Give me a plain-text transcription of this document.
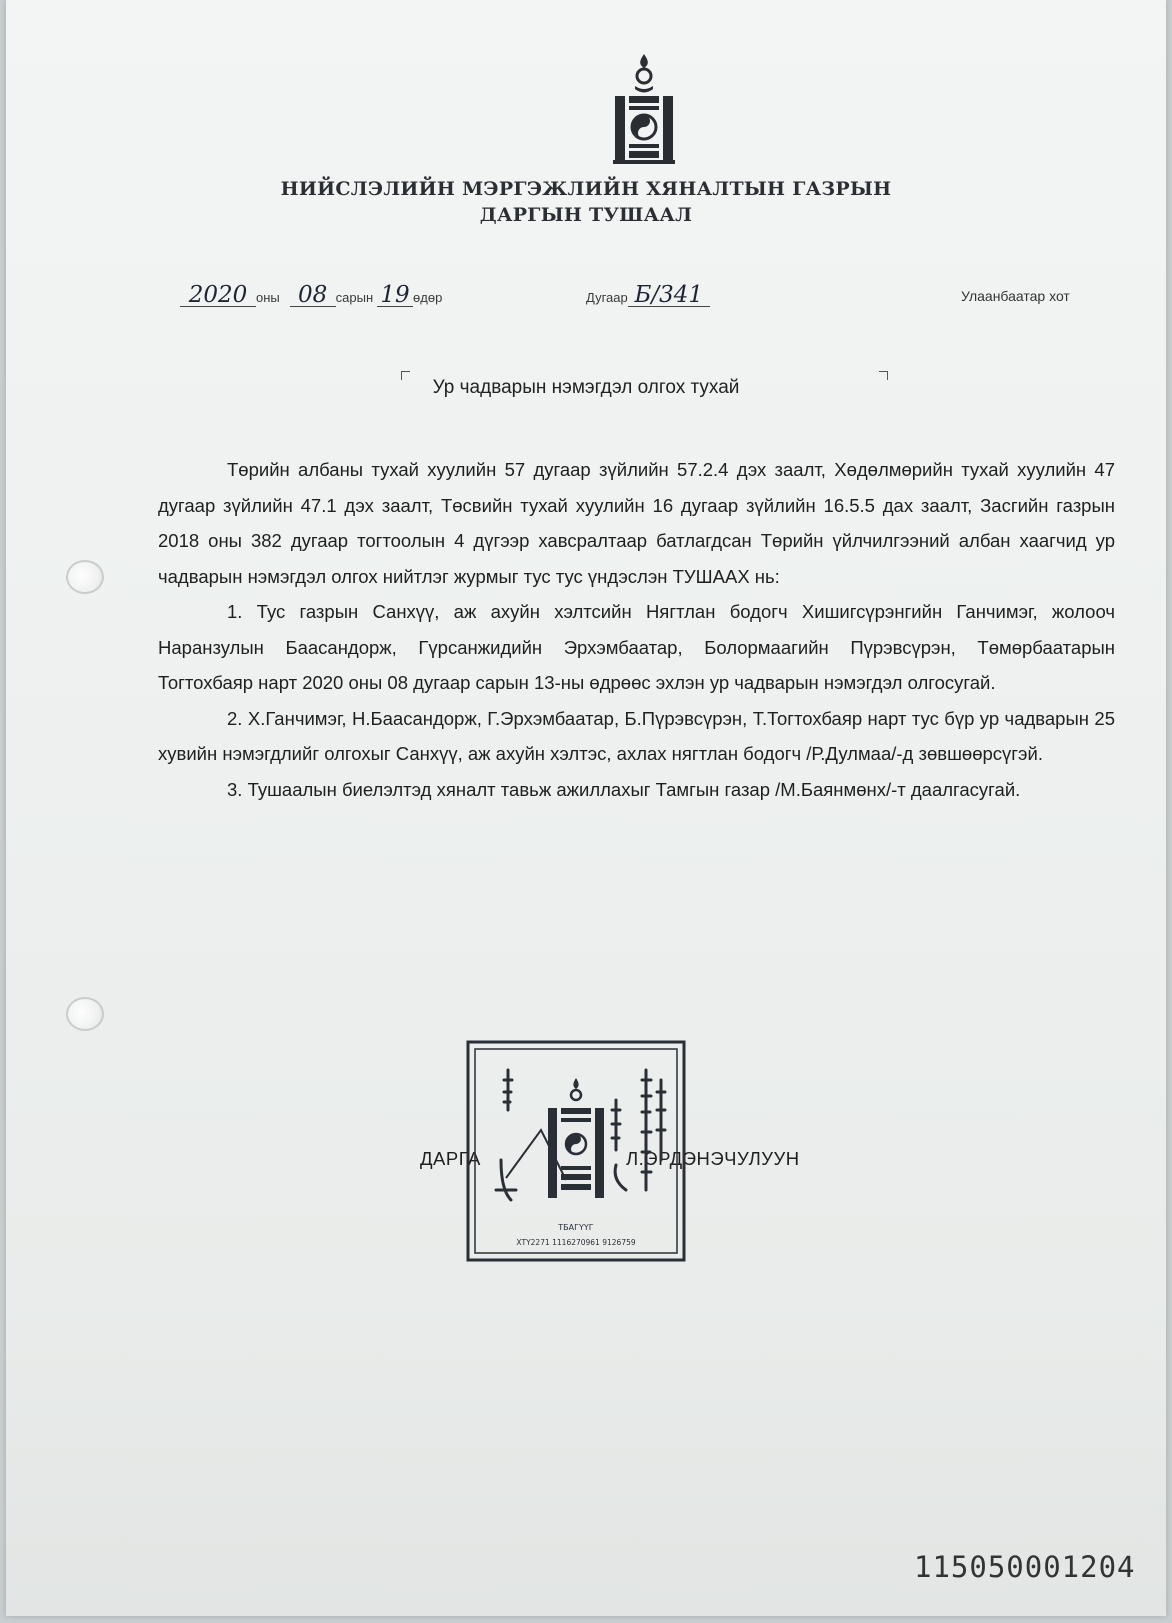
НИЙСЛЭЛИЙН МЭРГЭЖЛИЙН ХЯНАЛТЫН ГАЗРЫН
ДАРГЫН ТУШААЛ
2020 оны 08 сарын 19 өдөр	Дугаар Б/341	Улаанбаатар хот
Ур чадварын нэмэгдэл олгох тухай

Төрийн албаны тухай хуулийн 57 дугаар зүйлийн 57.2.4 дэх заалт, Хөдөлмөрийн тухай хуулийн 47 дугаар зүйлийн 47.1 дэх заалт, Төсвийн тухай хуулийн 16 дугаар зүйлийн 16.5.5 дах заалт, Засгийн газрын 2018 оны 382 дугаар тогтоолын 4 дүгээр хавсралтаар батлагдсан Төрийн үйлчилгээний албан хаагчид ур чадварын нэмэгдэл олгох нийтлэг журмыг тус тус үндэслэн ТУШААХ нь:

1. Тус газрын Санхүү, аж ахуйн хэлтсийн Нягтлан бодогч Хишигсүрэнгийн Ганчимэг, жолооч Наранзулын Баасандорж, Гүрсанжидийн Эрхэмбаатар, Болормаагийн Пүрэвсүрэн, Төмөрбаатарын Тогтохбаяр нарт 2020 оны 08 дугаар сарын 13-ны өдрөөс эхлэн ур чадварын нэмэгдэл олгосугай.

2. Х.Ганчимэг, Н.Баасандорж, Г.Эрхэмбаатар, Б.Пүрэвсүрэн, Т.Тогтохбаяр нарт тус бүр ур чадварын 25 хувийн нэмэгдлийг олгохыг Санхүү, аж ахуйн хэлтэс, ахлах нягтлан бодогч /Р.Дулмаа/-д зөвшөөрсүгэй.

3. Тушаалын биелэлтэд хяналт тавьж ажиллахыг Тамгын газар /М.Баянмөнх/-т даалгасугай.

ДАРГА	Л.ЭРДЭНЭЧУЛУУН
ТБАГҮҮГ
ХТҮ2271 1116270961 9126759
115050001204
